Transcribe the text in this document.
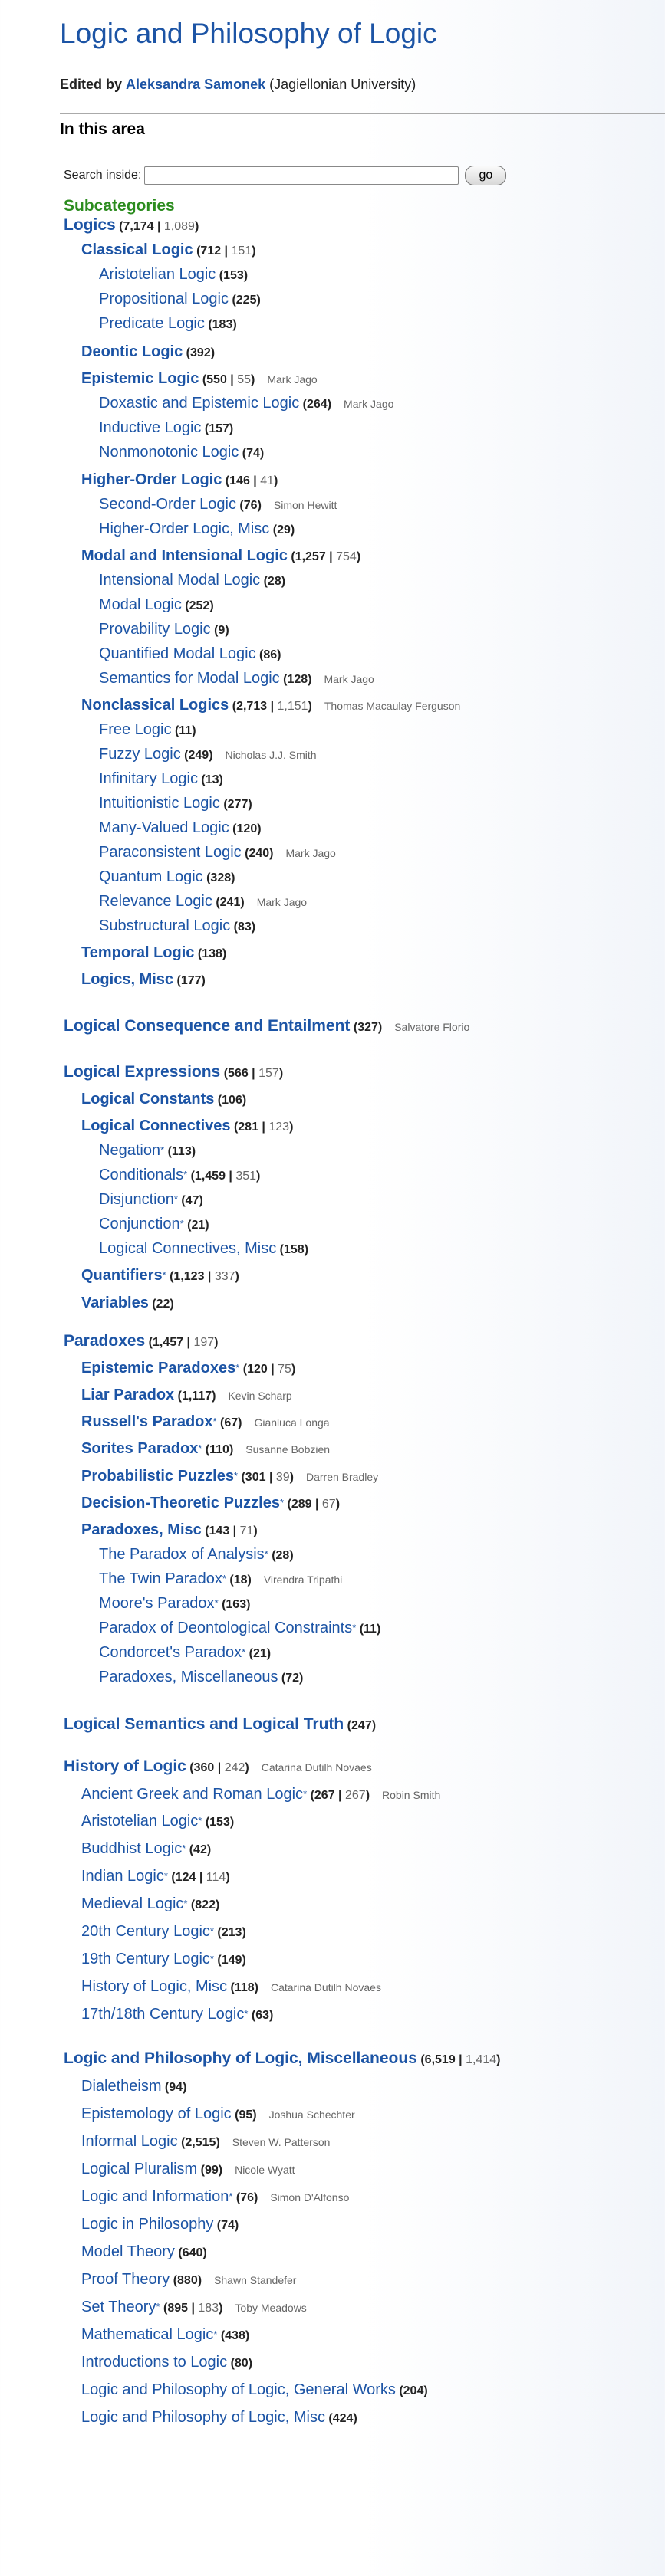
Logic and Philosophy of Logic
Edited by Aleksandra Samonek (Jagiellonian University)
In this area
Search inside:	go
Subcategories
Logics (7,174 | 1,089)
Classical Logic (712 | 151)
Aristotelian Logic (153)
Propositional Logic (225)
Predicate Logic (183)
Deontic Logic (392)
Epistemic Logic (550 | 55) Mark Jago
Doxastic and Epistemic Logic (264) Mark Jago
Inductive Logic (157)
Nonmonotonic Logic (74)
Higher-Order Logic (146 | 41)
Second-Order Logic (76) Simon Hewitt
Higher-Order Logic, Misc (29)
Modal and Intensional Logic (1,257 | 754)
Intensional Modal Logic (28)
Modal Logic (252)
Provability Logic (9)
Quantified Modal Logic (86)
Semantics for Modal Logic (128) Mark Jago
Nonclassical Logics (2,713 | 1,151) Thomas Macaulay Ferguson
Free Logic (11)
Fuzzy Logic (249) Nicholas J.J. Smith
Infinitary Logic (13)
Intuitionistic Logic (277)
Many-Valued Logic (120)
Paraconsistent Logic (240) Mark Jago
Quantum Logic (328)
Relevance Logic (241) Mark Jago
Substructural Logic (83)
Temporal Logic (138)
Logics, Misc (177)
Logical Consequence and Entailment (327) Salvatore Florio
Logical Expressions (566 | 157)
Logical Constants (106)
Logical Connectives (281 | 123)
Negation* (113)
Conditionals* (1,459 | 351)
Disjunction* (47)
Conjunction* (21)
Logical Connectives, Misc (158)
Quantifiers* (1,123 | 337)
Variables (22)
Paradoxes (1,457 | 197)
Epistemic Paradoxes* (120 | 75)
Liar Paradox (1,117) Kevin Scharp
Russell's Paradox* (67) Gianluca Longa
Sorites Paradox* (110) Susanne Bobzien
Probabilistic Puzzles* (301 | 39) Darren Bradley
Decision-Theoretic Puzzles* (289 | 67)
Paradoxes, Misc (143 | 71)
The Paradox of Analysis* (28)
The Twin Paradox* (18) Virendra Tripathi
Moore's Paradox* (163)
Paradox of Deontological Constraints* (11)
Condorcet's Paradox* (21)
Paradoxes, Miscellaneous (72)
Logical Semantics and Logical Truth (247)
History of Logic (360 | 242) Catarina Dutilh Novaes
Ancient Greek and Roman Logic* (267 | 267) Robin Smith
Aristotelian Logic* (153)
Buddhist Logic* (42)
Indian Logic* (124 | 114)
Medieval Logic* (822)
20th Century Logic* (213)
19th Century Logic* (149)
History of Logic, Misc (118) Catarina Dutilh Novaes
17th/18th Century Logic* (63)
Logic and Philosophy of Logic, Miscellaneous (6,519 | 1,414)
Dialetheism (94)
Epistemology of Logic (95) Joshua Schechter
Informal Logic (2,515) Steven W. Patterson
Logical Pluralism (99) Nicole Wyatt
Logic and Information* (76) Simon D'Alfonso
Logic in Philosophy (74)
Model Theory (640)
Proof Theory (880) Shawn Standefer
Set Theory* (895 | 183) Toby Meadows
Mathematical Logic* (438)
Introductions to Logic (80)
Logic and Philosophy of Logic, General Works (204)
Logic and Philosophy of Logic, Misc (424)
